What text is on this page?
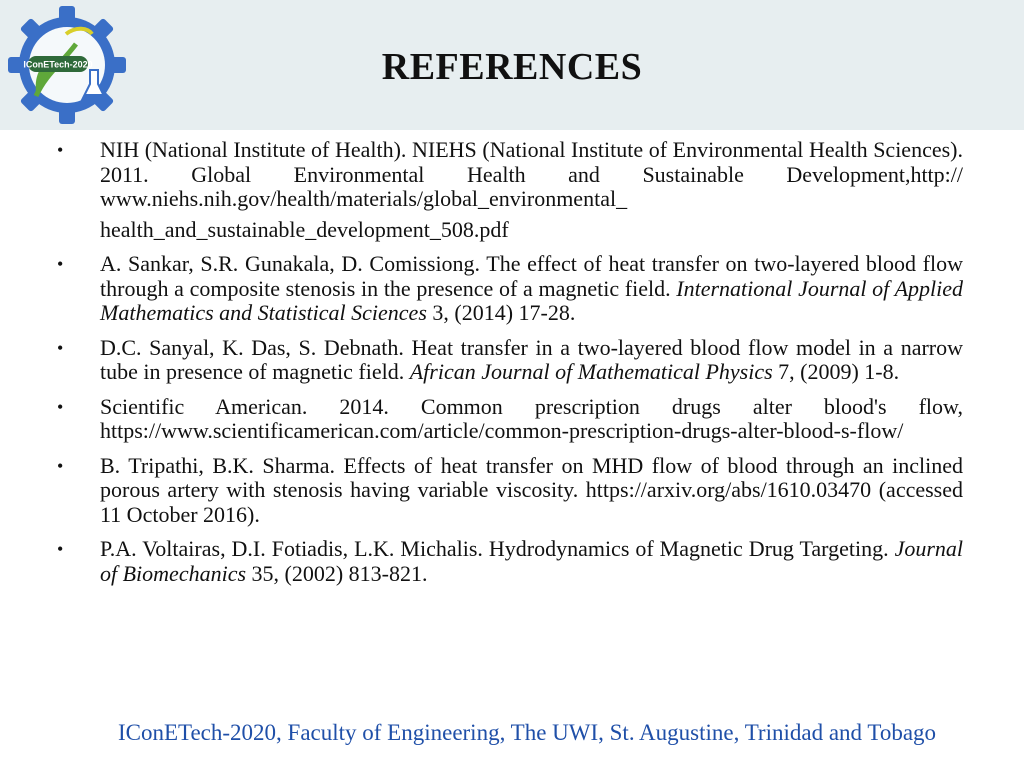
IConETech-2020	REFERENCES
• NIH (National Institute of Health). NIEHS (National Institute of Environmental Health Sciences). 2011. Global Environmental Health and Sustainable Development,http:// www.niehs.nih.gov/health/materials/global_environmental_
health_and_sustainable_development_508.pdf
• A. Sankar, S.R. Gunakala, D. Comissiong. The effect of heat transfer on two-layered blood flow through a composite stenosis in the presence of a magnetic field. International Journal of Applied Mathematics and Statistical Sciences 3, (2014) 17-28.
• D.C. Sanyal, K. Das, S. Debnath. Heat transfer in a two-layered blood flow model in a narrow tube in presence of magnetic field. African Journal of Mathematical Physics 7, (2009) 1-8.
• Scientific American. 2014. Common prescription drugs alter blood's flow, https://www.scientificamerican.com/article/common-prescription-drugs-alter-blood-s-flow/
• B. Tripathi, B.K. Sharma. Effects of heat transfer on MHD flow of blood through an inclined porous artery with stenosis having variable viscosity. https://arxiv.org/abs/1610.03470 (accessed 11 October 2016).
• P.A. Voltairas, D.I. Fotiadis, L.K. Michalis. Hydrodynamics of Magnetic Drug Targeting. Journal of Biomechanics 35, (2002) 813-821.
IConETech-2020, Faculty of Engineering, The UWI, St. Augustine, Trinidad and Tobago
